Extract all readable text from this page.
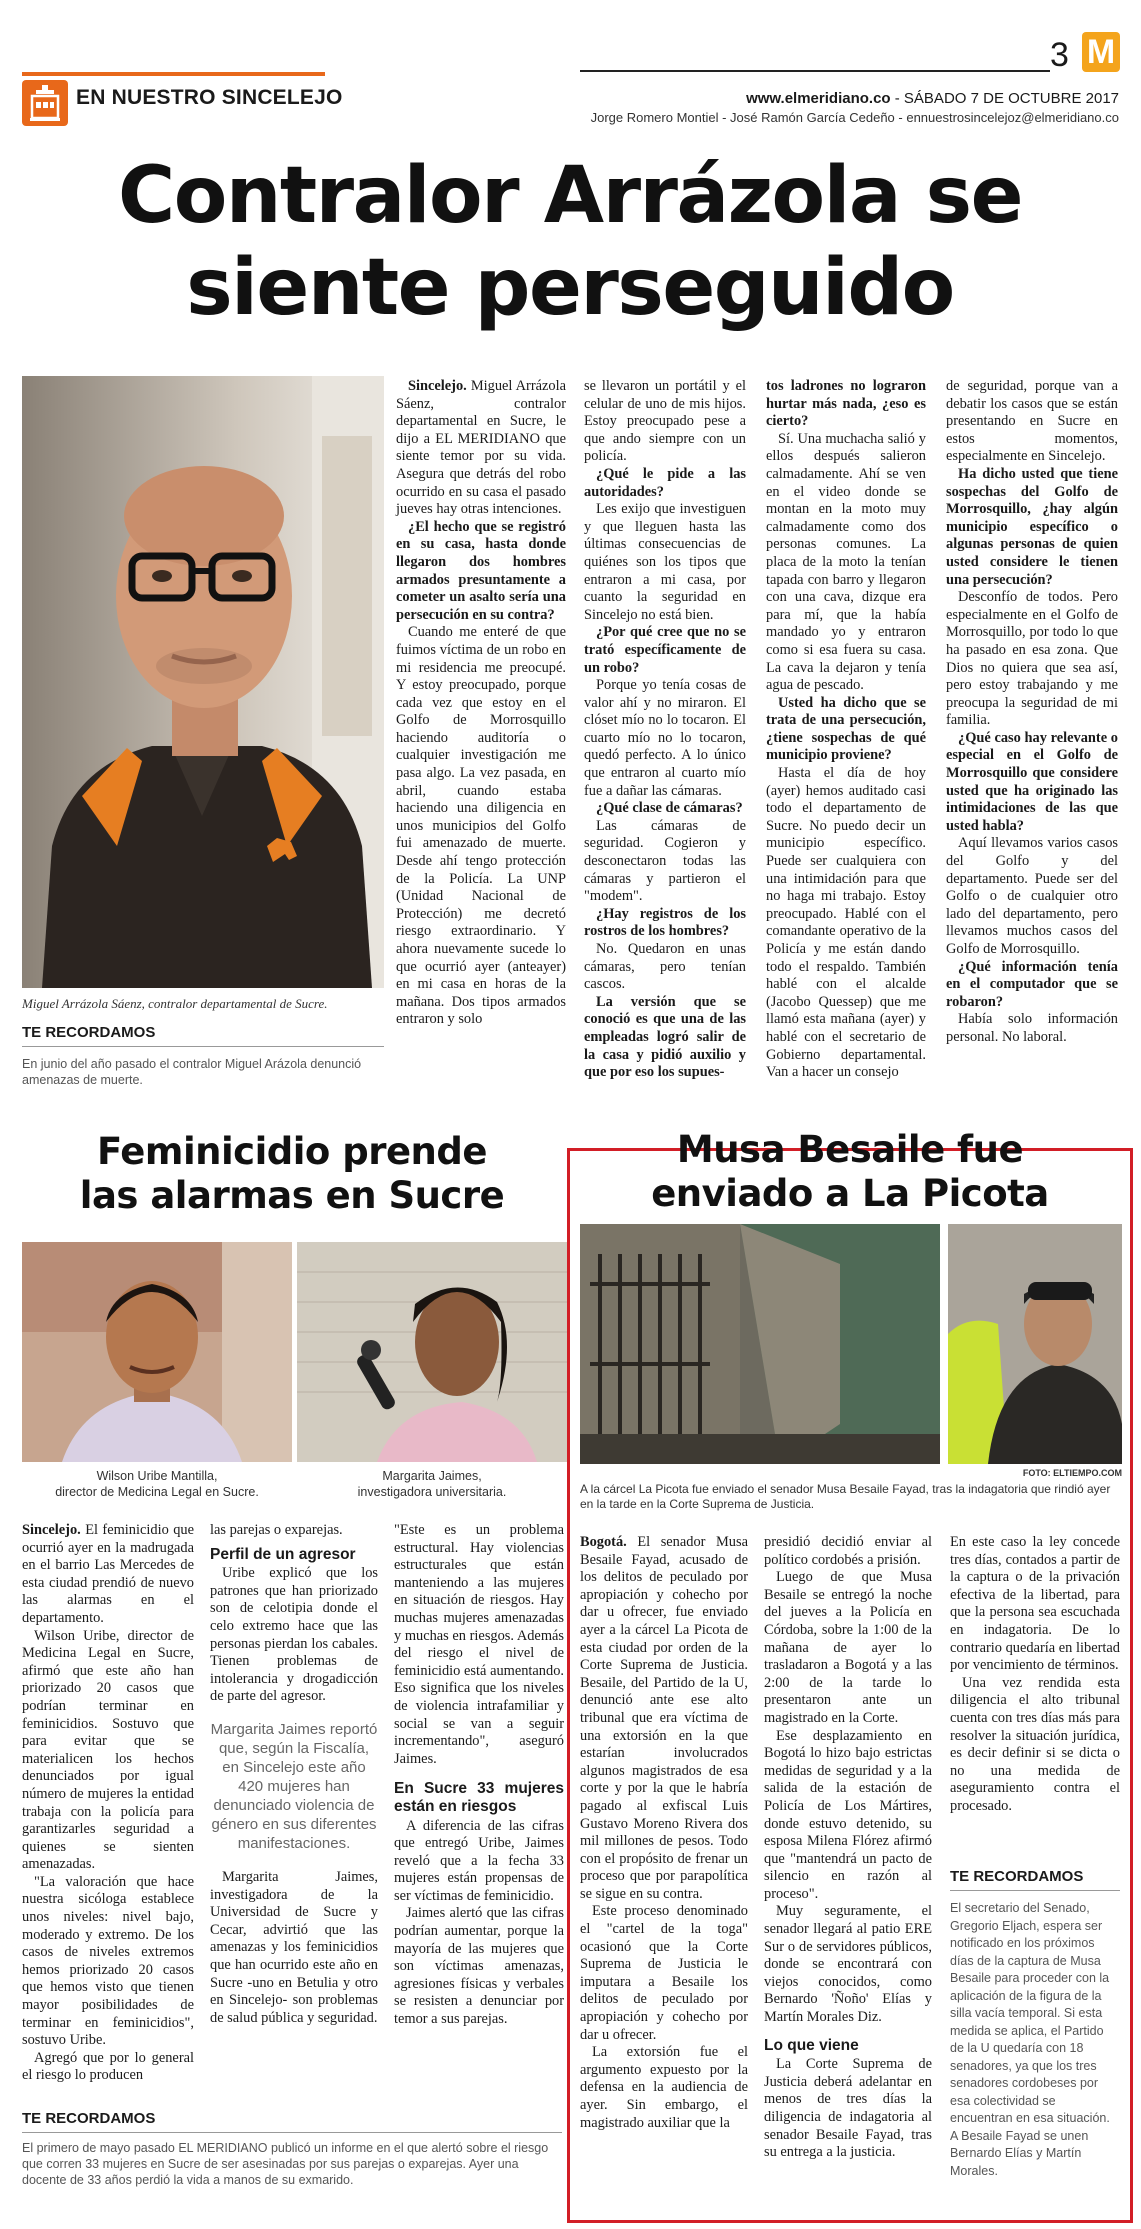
EN NUESTRO SINCELEJO
3 M
www.elmeridiano.co - SÁBADO 7 DE OCTUBRE 2017
Jorge Romero Montiel - José Ramón García Cedeño - ennuestrosincelejoz@elmeridiano.co
Contralor Arrázola se
siente perseguido
Miguel Arrázola Sáenz, contralor departamental de Sucre.
TE RECORDAMOS
En junio del año pasado el contralor Miguel Arázola denunció amenazas de muerte.

Sincelejo. Miguel Arrázola Sáenz, contralor departamental en Sucre, le dijo a EL MERIDIANO que siente temor por su vida. Asegura que detrás del robo ocurrido en su casa el pasado jueves hay otras intenciones.

¿El hecho que se registró en su casa, hasta donde llegaron dos hombres armados presuntamente a cometer un asalto sería una persecución en su contra?

Cuando me enteré de que fuimos víctima de un robo en mi residencia me preocupé. Y estoy preocupado, porque cada vez que estoy en el Golfo de Morrosquillo haciendo auditoría o cualquier investigación me pasa algo. La vez pasada, en abril, cuando estaba haciendo una diligencia en unos municipios del Golfo fui amenazado de muerte. Desde ahí tengo protección de la Policía. La UNP (Unidad Nacional de Protección) me decretó riesgo extraordinario. Y ahora nuevamente sucede lo que ocurrió ayer (anteayer) en mi casa en horas de la mañana. Dos tipos armados entraron y solo

se llevaron un portátil y el celular de uno de mis hijos. Estoy preocupado pese a que ando siempre con un policía.

¿Qué le pide a las autoridades?

Les exijo que investiguen y que lleguen hasta las últimas consecuencias de quiénes son los tipos que entraron a mi casa, por cuanto la seguridad en Sincelejo no está bien.

¿Por qué cree que no se trató específicamente de un robo?

Porque yo tenía cosas de valor ahí y no miraron. El clóset mío no lo tocaron. El cuarto mío no lo tocaron, quedó perfecto. A lo único que entraron al cuarto mío fue a dañar las cámaras.

¿Qué clase de cámaras?

Las cámaras de seguridad. Cogieron y desconectaron todas las cámaras y partieron el "modem".

¿Hay registros de los rostros de los hombres?

No. Quedaron en unas cámaras, pero tenían cascos.

La versión que se conoció es que una de las empleadas logró salir de la casa y pidió auxilio y que por eso los supues-

tos ladrones no lograron hurtar más nada, ¿eso es cierto?

Sí. Una muchacha salió y ellos después salieron calmadamente. Ahí se ven en el video donde se montan en la moto muy calmadamente como dos personas comunes. La placa de la moto la tenían tapada con barro y llegaron con una cava, dizque era para mí, que la había mandado yo y entraron como si esa fuera su casa. La cava la dejaron y tenía agua de pescado.

Usted ha dicho que se trata de una persecución, ¿tiene sospechas de qué municipio proviene?

Hasta el día de hoy (ayer) hemos auditado casi todo el departamento de Sucre. No puedo decir un municipio específico. Puede ser cualquiera con una intimidación para que no haga mi trabajo. Estoy preocupado. Hablé con el comandante operativo de la Policía y me están dando todo el respaldo. También hablé con el alcalde (Jacobo Quessep) que me llamó esta mañana (ayer) y hablé con el secretario de Gobierno departamental. Van a hacer un consejo

de seguridad, porque van a debatir los casos que se están presentando en Sucre en estos momentos, especialmente en Sincelejo.

Ha dicho usted que tiene sospechas del Golfo de Morrosquillo, ¿hay algún municipio específico o algunas personas de quien usted considere le tienen una persecución?

Desconfío de todos. Pero especialmente en el Golfo de Morrosquillo, por todo lo que ha pasado en esa zona. Que Dios no quiera que sea así, pero estoy trabajando y me preocupa la seguridad de mi familia.

¿Qué caso hay relevante o especial en el Golfo de Morrosquillo que considere usted que ha originado las intimidaciones de las que usted habla?

Aquí llevamos varios casos del Golfo y del departamento. Puede ser del Golfo o de cualquier otro lado del departamento, pero llevamos muchos casos del Golfo de Morrosquillo.

¿Qué información tenía en el computador que se robaron?

Había solo información personal. No laboral.

Feminicidio prende
las alarmas en Sucre
Wilson Uribe Mantilla,
director de Medicina Legal en Sucre.
Margarita Jaimes,
investigadora universitaria.

Sincelejo. El feminicidio que ocurrió ayer en la madrugada en el barrio Las Mercedes de esta ciudad prendió de nuevo las alarmas en el departamento.

Wilson Uribe, director de Medicina Legal en Sucre, afirmó que este año han priorizado 20 casos que podrían terminar en feminicidios. Sostuvo que para evitar que se materialicen los hechos denunciados por igual número de mujeres la entidad trabaja con la policía para garantizarles seguridad a quienes se sienten amenazadas.

"La valoración que hace nuestra sicóloga establece unos niveles: nivel bajo, moderado y extremo. De los casos de niveles extremos hemos priorizado 20 casos que hemos visto que tienen mayor posibilidades de terminar en feminicidios", sostuvo Uribe.

Agregó que por lo general el riesgo lo producen

las parejas o exparejas.

Perfil de un agresor

Uribe explicó que los patrones que han priorizado son de celotipia donde el celo extremo hace que las personas pierdan los cabales. Tienen problemas de intolerancia y drogadicción de parte del agresor.

Margarita Jaimes reportó que, según la Fiscalía, en Sincelejo este año 420 mujeres han denunciado violencia de género en sus diferentes manifestaciones.

Margarita Jaimes, investigadora de la Universidad de Sucre y Cecar, advirtió que las amenazas y los feminicidios que han ocurrido este año en Sucre -uno en Betulia y otro en Sincelejo- son problemas de salud pública y seguridad.

"Este es un problema estructural. Hay violencias estructurales que están manteniendo a las mujeres en situación de riesgos. Hay muchas mujeres amenazadas y muchas en riesgos. Además del riesgo el nivel de feminicidio está aumentando. Eso significa que los niveles de violencia intrafamiliar y social se van a seguir incrementando", aseguró Jaimes.

En Sucre 33 mujeres están en riesgos

A diferencia de las cifras que entregó Uribe, Jaimes reveló que a la fecha 33 mujeres están propensas de ser víctimas de feminicidio.

Jaimes alertó que las cifras podrían aumentar, porque la mayoría de las mujeres que son víctimas amenazas, agresiones físicas y verbales se resisten a denunciar por temor a sus parejas.

TE RECORDAMOS
El primero de mayo pasado EL MERIDIANO publicó un informe en el que alertó sobre el riesgo que corren 33 mujeres en Sucre de ser asesinadas por sus parejas o exparejas. Ayer una docente de 33 años perdió la vida a manos de su exmarido.
Musa Besaile fue
enviado a La Picota
FOTO: ELTIEMPO.COM
A la cárcel La Picota fue enviado el senador Musa Besaile Fayad, tras la indagatoria que rindió ayer en la tarde en la Corte Suprema de Justicia.

Bogotá. El senador Musa Besaile Fayad, acusado de los delitos de peculado por apropiación y cohecho por dar u ofrecer, fue enviado ayer a la cárcel La Picota de esta ciudad por orden de la Corte Suprema de Justicia. Besaile, del Partido de la U, denunció ante ese alto tribunal que era víctima de una extorsión en la que estarían involucrados algunos magistrados de esa corte y por la que le habría pagado al exfiscal Luis Gustavo Moreno Rivera dos mil millones de pesos. Todo con el propósito de frenar un proceso que por parapolítica se sigue en su contra.

Este proceso denominado el "cartel de la toga" ocasionó que la Corte Suprema de Justicia le imputara a Besaile los delitos de peculado por apropiación y cohecho por dar u ofrecer.

La extorsión fue el argumento expuesto por la defensa en la audiencia de ayer. Sin embargo, el magistrado auxiliar que la

presidió decidió enviar al político cordobés a prisión.

Luego de que Musa Besaile se entregó la noche del jueves a la Policía en Córdoba, sobre la 1:00 de la mañana de ayer lo trasladaron a Bogotá y a las 2:00 de la tarde lo presentaron ante un magistrado en la Corte.

Ese desplazamiento en Bogotá lo hizo bajo estrictas medidas de seguridad y a la salida de la estación de Policía de Los Mártires, donde estuvo detenido, su esposa Milena Flórez afirmó que "mantendrá un pacto de silencio en razón al proceso".

Muy seguramente, el senador llegará al patio ERE Sur o de servidores públicos, donde se encontrará con viejos conocidos, como Bernardo 'Ñoño' Elías y Martín Morales Diz.

Lo que viene

La Corte Suprema de Justicia deberá adelantar en menos de tres días la diligencia de indagatoria al senador Besaile Fayad, tras su entrega a la justicia.

En este caso la ley concede tres días, contados a partir de la captura o de la privación efectiva de la libertad, para que la persona sea escuchada en indagatoria. De lo contrario quedaría en libertad por vencimiento de términos.

Una vez rendida esta diligencia el alto tribunal cuenta con tres días más para resolver la situación jurídica, es decir definir si se dicta o no una medida de aseguramiento contra el procesado.

TE RECORDAMOS
El secretario del Senado, Gregorio Eljach, espera ser notificado en los próximos días de la captura de Musa Besaile para proceder con la aplicación de la figura de la silla vacía temporal. Si esta medida se aplica, el Partido de la U quedaría con 18 senadores, ya que los tres senadores cordobeses por esa colectividad se encuentran en esa situación. A Besaile Fayad se unen Bernardo Elías y Martín Morales.
